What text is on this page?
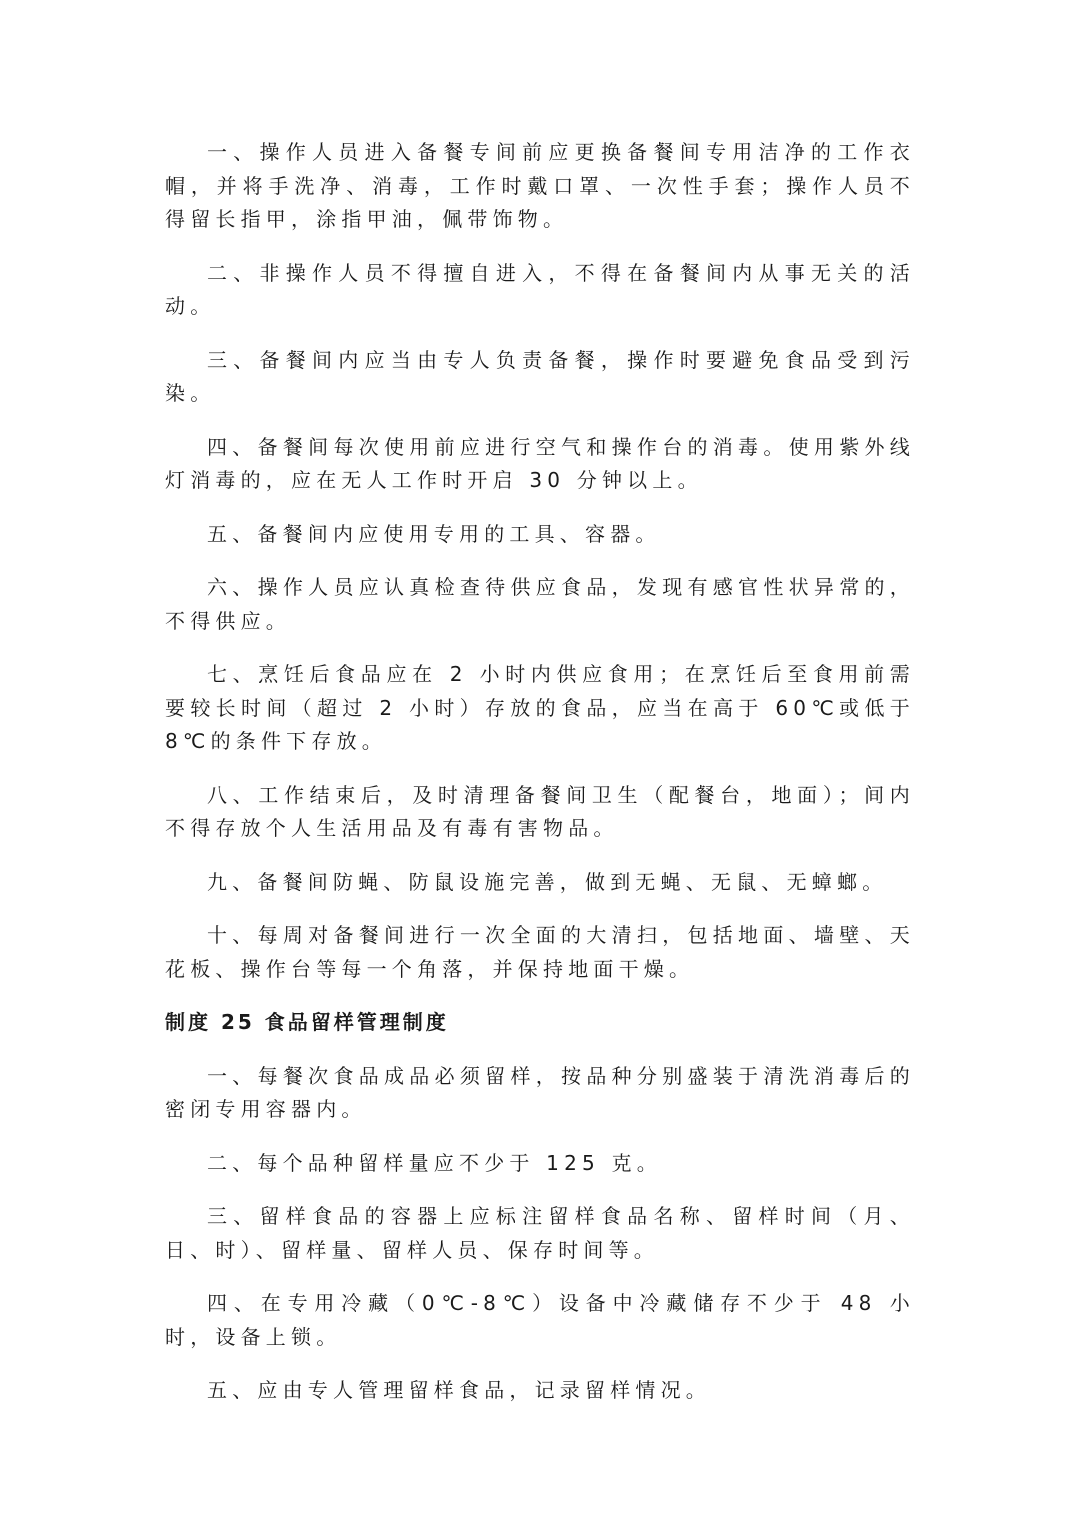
一、操作人员进入备餐专间前应更换备餐间专用洁净的工作衣帽，并将手洗净、消毒，工作时戴口罩、一次性手套；操作人员不得留长指甲，涂指甲油，佩带饰物。

二、非操作人员不得擅自进入，不得在备餐间内从事无关的活动。

三、备餐间内应当由专人负责备餐，操作时要避免食品受到污染。

四、备餐间每次使用前应进行空气和操作台的消毒。使用紫外线灯消毒的，应在无人工作时开启 30 分钟以上。

五、备餐间内应使用专用的工具、容器。

六、操作人员应认真检查待供应食品，发现有感官性状异常的，不得供应。

七、烹饪后食品应在 2 小时内供应食用；在烹饪后至食用前需要较长时间（超过 2 小时）存放的食品，应当在高于 60℃或低于 8℃的条件下存放。

八、工作结束后，及时清理备餐间卫生（配餐台，地面）；间内不得存放个人生活用品及有毒有害物品。

九、备餐间防蝇、防鼠设施完善，做到无蝇、无鼠、无蟑螂。

十、每周对备餐间进行一次全面的大清扫，包括地面、墙壁、天花板、操作台等每一个角落，并保持地面干燥。

制度 25 食品留样管理制度

一、每餐次食品成品必须留样，按品种分别盛装于清洗消毒后的密闭专用容器内。

二、每个品种留样量应不少于 125 克。

三、留样食品的容器上应标注留样食品名称、留样时间（月、日、时）、留样量、留样人员、保存时间等。

四、在专用冷藏（0℃-8℃）设备中冷藏储存不少于 48 小时，设备上锁。

五、应由专人管理留样食品，记录留样情况。
